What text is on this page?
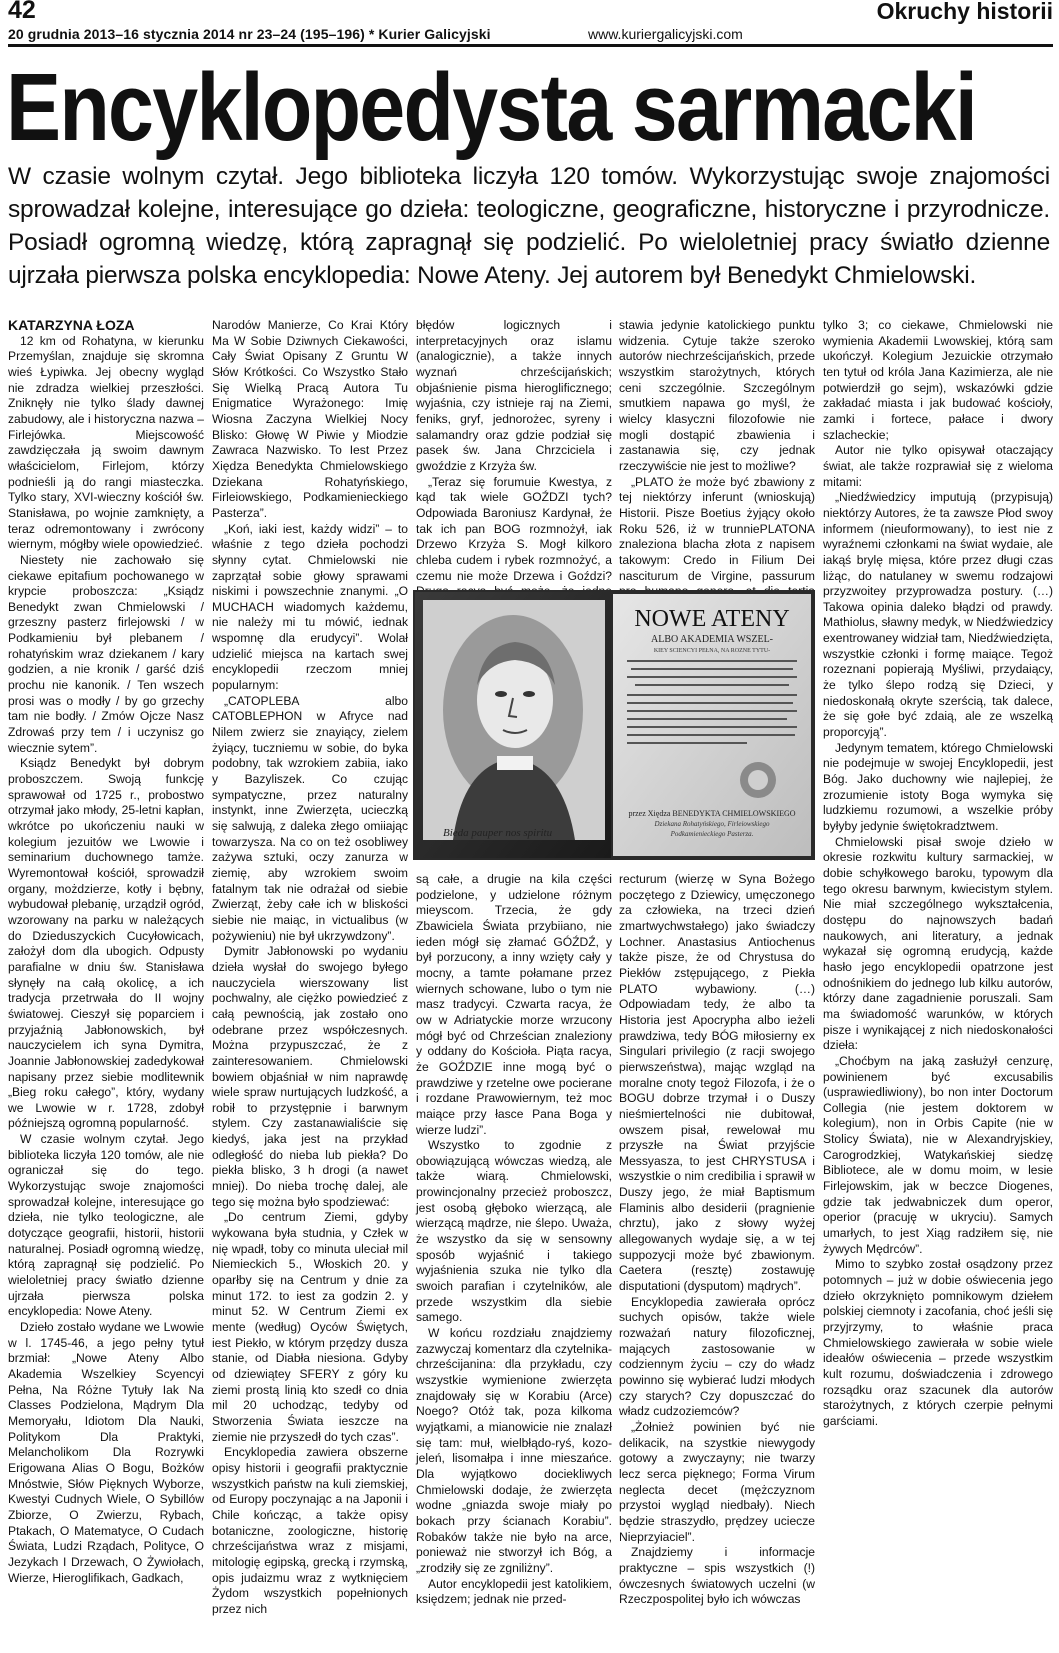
42	Okruchy historii
20 grudnia 2013–16 stycznia 2014 nr 23–24 (195–196) * Kurier Galicyjski	www.kuriergalicyjski.com
Encyklopedysta sarmacki
W czasie wolnym czytał. Jego biblioteka liczyła 120 tomów. Wykorzystując swoje znajomości sprowadzał kolejne, interesujące go dzieła: teologiczne, geograficzne, historyczne i przyrodnicze. Posiadł ogromną wiedzę, którą zapragnął się podzielić. Po wieloletniej pracy światło dzienne ujrzała pierwsza polska encyklopedia: Nowe Ateny. Jej autorem był Benedykt Chmielowski.

KATARZYNA ŁOZA

12 km od Rohatyna, w kierunku Przemyślan, znajduje się skromna wieś Łypiwka. Jej obecny wygląd nie zdradza wielkiej przeszłości. Zniknęły nie tylko ślady dawnej zabudowy, ale i historyczna nazwa – Firlejówka. Miejscowość zawdzięczała ją swoim dawnym właścicielom, Firlejom, którzy podnieśli ją do rangi miasteczka. Tylko stary, XVI-wieczny kościół św. Stanisława, po wojnie zamknięty, a teraz odremontowany i zwrócony wiernym, mógłby wiele opowiedzieć.

Niestety nie zachowało się ciekawe epitafium pochowanego w krypcie proboszcza: „Ksiądz Benedykt zwan Chmielowski / grzeszny pasterz firlejowski / w Podkamieniu był plebanem / rohatyńskim wraz dziekanem / kary godzien, a nie kronik / garść dziś prochu nie kanonik. / Ten wszech prosi was o modły / by go grzechy tam nie bodły. / Zmów Ojcze Nasz Zdrowaś przy tem / i uczynisz go wiecznie sytem”.

Ksiądz Benedykt był dobrym proboszczem. Swoją funkcję sprawował od 1725 r., probostwo otrzymał jako młody, 25-letni kapłan, wkrótce po ukończeniu nauki w kolegium jezuitów we Lwowie i seminarium duchownego tamże. Wyremontował kościół, sprowadził organy, możdzierze, kotły i bębny, wybudował plebanię, urządził ogród, wzorowany na parku w należących do Dzieduszyckich Cucyłowicach, założył dom dla ubogich. Odpusty parafialne w dniu św. Stanisława słynęły na całą okolicę, a ich tradycja przetrwała do II wojny światowej. Cieszył się poparciem i przyjaźnią Jabłonowskich, był nauczycielem ich syna Dymitra, Joannie Jabłonowskiej zadedykował napisany przez siebie modlitewnik „Bieg roku całego”, który, wydany we Lwowie w r. 1728, zdobył późniejszą ogromną popularność.

W czasie wolnym czytał. Jego biblioteka liczyła 120 tomów, ale nie ograniczał się do tego. Wykorzystując swoje znajomości sprowadzał kolejne, interesujące go dzieła, nie tylko teologiczne, ale dotyczące geografii, historii, historii naturalnej. Posiadł ogromną wiedzę, którą zapragnął się podzielić. Po wieloletniej pracy światło dzienne ujrzała pierwsza polska encyklopedia: Nowe Ateny.

Dzieło zostało wydane we Lwowie w l. 1745-46, a jego pełny tytuł brzmiał: „Nowe Ateny Albo Akademia Wszelkiey Scyencyi Pełna, Na Różne Tytuły Iak Na Classes Podzielona, Mądrym Dla Memoryału, Idiotom Dla Nauki, Politykom Dla Praktyki, Melancholikom Dla Rozrywki Erigowana Alias O Bogu, Bożków Mnóstwie, Słów Pięknych Wyborze, Kwestyi Cudnych Wiele, O Sybillów Zbiorze, O Zwierzu, Rybach, Ptakach, O Matematyce, O Cudach Świata, Ludzi Rządach, Polityce, O Jezykach I Drzewach, O Żywiołach, Wierze, Hieroglifikach, Gadkach,

Narodów Manierze, Co Krai Który Ma W Sobie Dziwnych Ciekawości, Cały Świat Opisany Z Gruntu W Słów Krótkości. Co Wszystko Stało Się Wielką Pracą Autora Tu Enigmatice Wyrażonego: Imię Wiosna Zaczyna Wielkiej Nocy Blisko: Głowę W Piwie y Miodzie Zawraca Nazwisko. To Iest Przez Xiędza Benedykta Chmielowskiego Dziekana Rohatyńskiego, Firleiowskiego, Podkamienieckiego Pasterza”.

„Koń, iaki iest, każdy widzi” – to właśnie z tego dzieła pochodzi słynny cytat. Chmielowski nie zaprzątał sobie głowy sprawami niskimi i powszechnie znanymi. „O MUCHACH wiadomych każdemu, nie należy mi tu mówić, iednak wspomnę dla erudycyi”. Wolał udzielić miejsca na kartach swej encyklopedii rzeczom mniej popularnym:

„CATOPLEBA albo CATOBLEPHON w Afryce nad Nilem zwierz sie znayiący, zielem żyiący, tuczniemu w sobie, do byka podobny, tak wzrokiem zabiia, iako y Bazyliszek. Co czując sympatyczne, przez naturalny instynkt, inne Zwierzęta, ucieczką się salwują, z daleka złego omiiając towarzysza. Na co on też osobliwey zażywa sztuki, oczy zanurza w ziemię, aby wzrokiem swoim fatalnym tak nie odrażał od siebie Zwierząt, żeby całe ich w bliskości siebie nie maiąc, in victualibus (w pożywieniu) nie był ukrzywdzony”.

Dymitr Jabłonowski po wydaniu dzieła wysłał do swojego byłego nauczyciela wierszowany list pochwalny, ale ciężko powiedzieć z całą pewnością, jak zostało ono odebrane przez współczesnych. Można przypuszczać, że z zainteresowaniem. Chmielowski bowiem objaśniał w nim naprawdę wiele spraw nurtujących ludzkość, a robił to przystępnie i barwnym stylem. Czy zastanawialiście się kiedyś, jaka jest na przykład odległość do nieba lub piekła? Do piekła blisko, 3 h drogi (a nawet mniej). Do nieba trochę dalej, ale tego się można było spodziewać:

„Do centrum Ziemi, gdyby wykowana była studnia, y Człek w nię wpadł, toby co minuta uleciał mil Niemieckich 5., Włoskich 20. y oparłby się na Centrum y dnie za minut 172. to iest za godzin 2. y minut 52. W Centrum Ziemi ex mente (według) Oyców Świętych, iest Piekło, w którym przędzy dusza stanie, od Diabła niesiona. Gdyby od dziewiątey SFERY z góry ku ziemi prostą linią kto szedł co dnia mil 20 uchodząc, tedyby od Stworzenia Świata ieszcze na ziemie nie przyszedł do tych czas”.

Encyklopedia zawiera obszerne opisy historii i geografii praktycznie wszystkich państw na kuli ziemskiej, od Europy poczynając a na Japonii i Chile kończąc, a także opisy botaniczne, zoologiczne, historię chrześcijaństwa wraz z misjami, mitologię egipską, grecką i rzymską, opis judaizmu wraz z wytknięciem Żydom wszystkich popełnionych przez nich

błędów logicznych i interpretacyjnych oraz islamu (analogicznie), a także innych wyznań chrześcijańskich; objaśnienie pisma hieroglificznego; wyjaśnia, czy istnieje raj na Ziemi, feniks, gryf, jednorożec, syreny i salamandry oraz gdzie podział się pasek św. Jana Chrzciciela i gwoździe z Krzyża św.

„Teraz się forumuie Kwestya, z kąd tak wiele GOŹDZI tych? Odpowiada Baroniusz Kardynał, że tak ich pan BOG rozmnożył, iak Drzewo Krzyża S. Mogł kilkoro chleba cudem i rybek rozmnożyć, a czemu nie może Drzewa i Goździ?

są całe, a drugie na kila części podzielone, y udzielone różnym mieyscom. Trzecia, że gdy Zbawiciela Świata przybiiano, nie ieden mógł się złamać GÓŹDŹ, y był porzucony, a inny wzięty cały y mocny, a tamte połamane przez wiernych schowane, lubo o tym nie masz tradycyi. Czwarta racya, że ow w Adriatyckie morze wrzucony mógł być od Chrześcian znaleziony y oddany do Kościoła. Piąta racya, że GOŹDZIE inne mogą być o prawdziwe y rzetelne owe pocierane i rozdane Prawowiernym, też moc maiące przy łasce Pana Boga y wierze ludzi”.

Wszystko to zgodnie z obowiązującą wówczas wiedzą, ale także wiarą. Chmielowski, prowincjonalny przecież proboszcz, jest osobą głęboko wierzącą, ale wierzącą mądrze, nie ślepo. Uważa, że wszystko da się w sensowny sposób wyjaśnić i takiego wyjaśnienia szuka nie tylko dla swoich parafian i czytelników, ale przede wszystkim dla siebie samego.

W końcu rozdziału znajdziemy zazwyczaj komentarz dla czytelnika-chrześcijanina: dla przykładu, czy wszystkie wymienione zwierzęta znajdowały się w Korabiu (Arce) Noego? Otóż tak, poza kilkoma wyjątkami, a mianowicie nie znalazł się tam: muł, wielbłądo-ryś, kozo-jeleń, lisomałpa i inne mieszańce. Dla wyjątkowo dociekliwych Chmielowski dodaje, że zwierzęta wodne „gniazda swoje miały po bokach przy ścianach Korabiu”. Robaków także nie było na arce, ponieważ nie stworzył ich Bóg, a „zrodziły się ze zgniliżny”.

Autor encyklopedii jest katolikiem, księdzem; jednak nie przed-

stawia jedynie katolickiego punktu widzenia. Cytuje także szeroko autorów niechrześcijańskich, przede wszystkim starożytnych, których ceni szczególnie. Szczególnym smutkiem napawa go myśl, że wielcy klasyczni filozofowie nie mogli dostąpić zbawienia i zastanawia się, czy jednak rzeczywiście nie jest to możliwe?

„PLATO że może być zbawiony z tej niektórzy inferunt (wnioskują) Historii. Pisze Boetius żyjący około Roku 526, iż w trunniePLATONA znaleziona blacha złota z napisem takowym: Credo in Filium Dei nasciturum de Virgine, passurum

recturum (wierzę w Syna Bożego poczętego z Dziewicy, umęczonego za człowieka, na trzeci dzień zmartwychwstałego) jako świadczy Lochner. Anastasius Antiochenus także pisze, że od Chrystusa do Piekłów zstępującego, z Piekła PLATO wybawiony. (…) Odpowiadam tedy, że albo ta Historia jest Apocrypha albo ieżeli prawdziwa, tedy BÓG miłosierny ex Singulari privilegio (z racji swojego pierwszeństwa), mając wzgląd na moralne cnoty tegoż Filozofa, i że o BOGU dobrze trzymał i o Duszy nieśmiertelności nie dubitował, owszem pisał, rewelował mu przyszłe na Świat przyjście Messyasza, to jest CHRYSTUSA i wszystkie o nim credibilia i sprawił w Duszy jego, że miał Baptismum Flaminis albo desiderii (pragnienie chrztu), jako z słowy wyżej allegowanych wydaje się, a w tej suppozycji może być zbawionym. Caetera (resztę) zostawuję disputationi (dysputom) mądrych”.

Encyklopedia zawierała oprócz suchych opisów, także wiele rozważań natury filozoficznej, mających zastosowanie w codziennym życiu – czy do władz powinno się wybierać ludzi młodych czy starych? Czy dopuszczać do władz cudzoziemców?

„Żołnież powinien być nie delikacik, na szystkie niewygody gotowy a zwyczayny; nie twarzy lecz serca pięknego; Forma Virum neglecta decet (mężczyznom przystoi wygląd niedbały). Niech będzie straszydło, prędzey uciecze Nieprzyiaciel”.

Znajdziemy i informacje praktyczne – spis wszystkich (!) ówczesnych światowych uczelni (w Rzeczpospolitej było ich wówczas

tylko 3; co ciekawe, Chmielowski nie wymienia Akademii Lwowskiej, którą sam ukończył. Kolegium Jezuickie otrzymało ten tytuł od króla Jana Kazimierza, ale nie potwierdził go sejm), wskazówki gdzie zakładać miasta i jak budować kościoły, zamki i fortece, pałace i dwory szlacheckie;

Autor nie tylko opisywał otaczający świat, ale także rozprawiał się z wieloma mitami:

„Niedźwiedzicy imputują (przypisują) niektórzy Autores, że ta zawsze Płod swoy informem (nieuformowany), to iest nie z wyraźnemi członkami na świat wydaie, ale iakąś brylę mięsa, które przez długi czas liżąc, do natulaney w swemu rodzajowi przyzwoitey przyprowadza postury. (…) Takowa opinia daleko błądzi od prawdy. Mathiolus, sławny medyk, w Niedźwiedzicy exentrowaney widział tam, Niedźwiedzięta, wszystkie członki i formę maiące. Tegoż rozeznani popierają Myśliwi, przydaiący, że tylko ślepo rodzą się Dzieci, y niedoskonałą okryte szerścią, tak dalece, że się gołe być zdaią, ale ze wszelką proporcyją”.

Jedynym tematem, którego Chmielowski nie podejmuje w swojej Encyklopedii, jest Bóg. Jako duchowny wie najlepiej, że zrozumienie istoty Boga wymyka się ludzkiemu rozumowi, a wszelkie próby byłyby jedynie świętokradztwem.

Chmielowski pisał swoje dzieło w okresie rozkwitu kultury sarmackiej, w dobie schyłkowego baroku, typowym dla tego okresu barwnym, kwiecistym stylem. Nie miał szczególnego wykształcenia, dostępu do najnowszych badań naukowych, ani literatury, a jednak wykazał się ogromną erudycją, każde hasło jego encyklopedii opatrzone jest odnośnikiem do jednego lub kilku autorów, którzy dane zagadnienie poruszali. Sam ma świadomość warunków, w których pisze i wynikającej z nich niedoskonałości dzieła:

„Choćbym na jaką zasłużył cenzurę, powinienem być excusabilis (usprawiedliwiony), bo non inter Doctorum Collegia (nie jestem doktorem w kolegium), non in Orbis Capite (nie w Stolicy Świata), nie w Alexandryjskiey, Carogrodzkiej, Watykańskiej siedzę Bibliotece, ale w domu moim, w lesie Firlejowskim, jak w beczce Diogenes, gdzie tak jedwabniczek dum operor, operior (pracuję w ukryciu). Samych umarłych, to jest Xiąg radziłem się, nie żywych Mędrców”.

Mimo to szybko został osądzony przez potomnych – już w dobie oświecenia jego dzieło okrzyknięto pomnikowym dziełem polskiej ciemnoty i zacofania, choć jeśli się przyjrzymy, to właśnie praca Chmielowskiego zawierała w sobie wiele ideałów oświecenia – przede wszystkim kult rozumu, doświadczenia i zdrowego rozsądku oraz szacunek dla autorów starożytnych, z których czerpie pełnymi garściami.

Bieda pauper nos spiritu
NOWE ATENY
ALBO AKADEMIA WSZEL-
KIEY SCIENCYI PEŁNA, NA ROZNE TYTU-
przez Xiędza BENEDYKTA CHMIELOWSKIEGO
Dziekana Rohatyńskiego, Firleiowskiego
Podkamienieckiego Pasterza.
